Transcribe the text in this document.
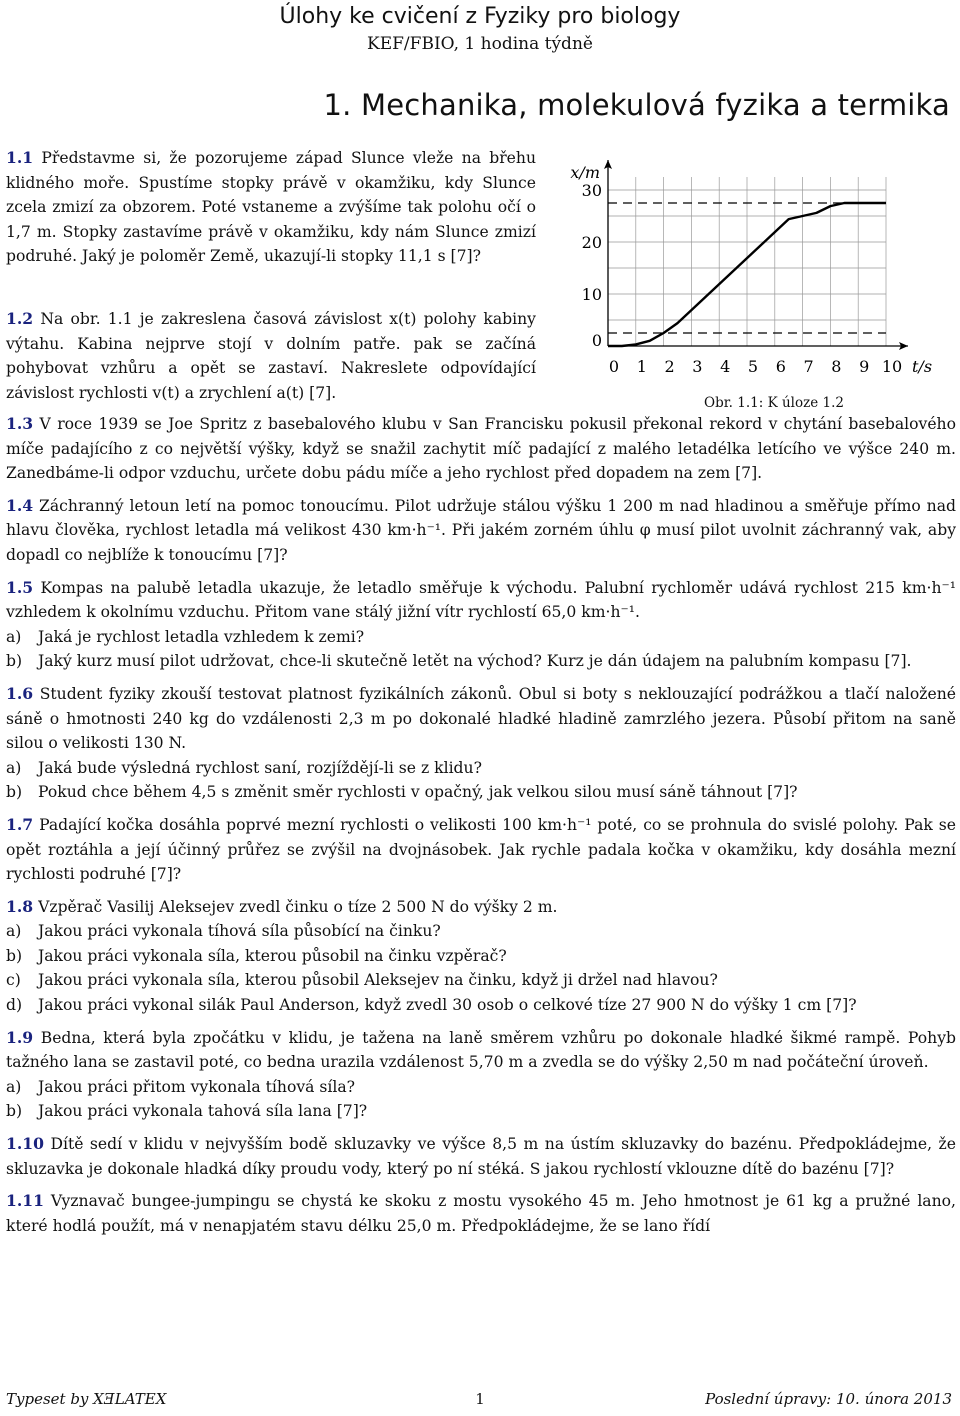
Úlohy ke cvičení z Fyziky pro biology
KEF/FBIO, 1 hodina týdně
1. Mechanika, molekulová fyzika a termika

1.1 Představme si, že pozorujeme západ Slunce vleže na břehu klidného moře. Spustíme stopky právě v okamžiku, kdy Slunce zcela zmizí za obzorem. Poté vstaneme a zvýšíme tak polohu očí o 1,7 m. Stopky zastavíme právě v okamžiku, kdy nám Slunce zmizí podruhé. Jaký je poloměr Země, ukazují-li stopky 11,1 s [7]?

1.2 Na obr. 1.1 je zakreslena časová závislost x(t) polohy kabiny výtahu. Kabina nejprve stojí v dolním patře. pak se začíná pohybovat vzhůru a opět se zastaví. Nakreslete odpovídající závislost rychlosti v(t) a zrychlení a(t) [7].

0 1 2 3 4 5 6 7 8 9 10
0
10
20
30
x/m
t/s
Obr. 1.1: K úloze 1.2

1.3 V roce 1939 se Joe Spritz z basebalového klubu v San Francisku pokusil překonal rekord v chytání basebalového míče padajícího z co největší výšky, když se snažil zachytit míč padající z malého letadélka letícího ve výšce 240 m. Zanedbáme-li odpor vzduchu, určete dobu pádu míče a jeho rychlost před dopadem na zem [7].

1.4 Záchranný letoun letí na pomoc tonoucímu. Pilot udržuje stálou výšku 1 200 m nad hladinou a směřuje přímo nad hlavu člověka, rychlost letadla má velikost 430 km·h⁻¹. Při jakém zorném úhlu φ musí pilot uvolnit záchranný vak, aby dopadl co nejblíže k tonoucímu [7]?

1.5 Kompas na palubě letadla ukazuje, že letadlo směřuje k východu. Palubní rychloměr udává rychlost 215 km·h⁻¹ vzhledem k okolnímu vzduchu. Přitom vane stálý jižní vítr rychlostí 65,0 km·h⁻¹.
a) Jaká je rychlost letadla vzhledem k zemi?
b) Jaký kurz musí pilot udržovat, chce-li skutečně letět na východ? Kurz je dán údajem na palubním kompasu [7].
1.6 Student fyziky zkouší testovat platnost fyzikálních zákonů. Obul si boty s neklouzající podrážkou a tlačí naložené sáně o hmotnosti 240 kg do vzdálenosti 2,3 m po dokonalé hladké hladině zamrzlého jezera. Působí přitom na saně silou o velikosti 130 N.
a) Jaká bude výsledná rychlost saní, rozjíždějí-li se z klidu?
b) Pokud chce během 4,5 s změnit směr rychlosti v opačný, jak velkou silou musí sáně táhnout [7]?

1.7 Padající kočka dosáhla poprvé mezní rychlosti o velikosti 100 km·h⁻¹ poté, co se prohnula do svislé polohy. Pak se opět roztáhla a její účinný průřez se zvýšil na dvojnásobek. Jak rychle padala kočka v okamžiku, kdy dosáhla mezní rychlosti podruhé [7]?

1.8 Vzpěrač Vasilij Aleksejev zvedl činku o tíze 2 500 N do výšky 2 m.
a) Jakou práci vykonala tíhová síla působící na činku?
b) Jakou práci vykonala síla, kterou působil na činku vzpěrač?
c) Jakou práci vykonala síla, kterou působil Aleksejev na činku, když ji držel nad hlavou?
d) Jakou práci vykonal silák Paul Anderson, když zvedl 30 osob o celkové tíze 27 900 N do výšky 1 cm [7]?
1.9 Bedna, která byla zpočátku v klidu, je tažena na laně směrem vzhůru po dokonale hladké šikmé rampě. Pohyb tažného lana se zastavil poté, co bedna urazila vzdálenost 5,70 m a zvedla se do výšky 2,50 m nad počáteční úroveň.
a) Jakou práci přitom vykonala tíhová síla?
b) Jakou práci vykonala tahová síla lana [7]?

1.10 Dítě sedí v klidu v nejvyšším bodě skluzavky ve výšce 8,5 m na ústím skluzavky do bazénu. Předpokládejme, že skluzavka je dokonale hladká díky proudu vody, který po ní stéká. S jakou rychlostí vklouzne dítě do bazénu [7]?

1.11 Vyznavač bungee-jumpingu se chystá ke skoku z mostu vysokého 45 m. Jeho hmotnost je 61 kg a pružné lano, které hodlá použít, má v nenapjatém stavu délku 25,0 m. Předpokládejme, že se lano řídí

Typeset by XƎLATEX	1	Poslední úpravy: 10. února 2013
